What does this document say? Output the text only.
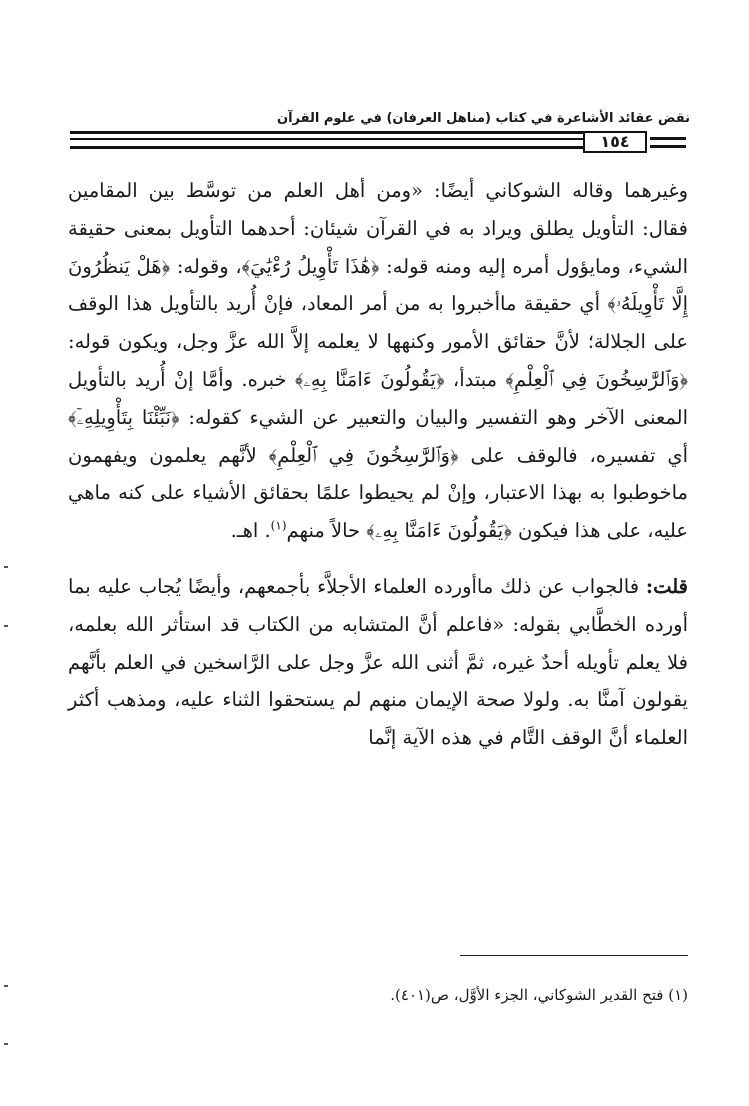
نقض عقائد الأشاعرة في كتاب (مناهل العرفان) في علوم القرآن
١٥٤

وغيرهما وقاله الشوكاني أيضًا: «ومن أهل العلم من توسَّط بين المقامين فقال: التأويل يطلق ويراد به في القرآن شيئان: أحدهما التأويل بمعنى حقيقة الشيء، ومايؤول أمره إليه ومنه قوله: ﴿هَٰذَا تَأْوِيلُ رُءْيَٰيَ﴾، وقوله: ﴿هَلْ يَنظُرُونَ إِلَّا تَأْوِيلَهُۥ﴾ أي حقيقة ماأخبروا به من أمر المعاد، فإنْ أُريد بالتأويل هذا الوقف على الجلالة؛ لأنَّ حقائق الأمور وكنهها لا يعلمه إلاَّ الله عزَّ وجل، ويكون قوله: ﴿وَٱلرَّٰسِخُونَ فِي ٱلْعِلْمِ﴾ مبتدأ، ﴿يَقُولُونَ ءَامَنَّا بِهِۦ﴾ خبره. وأمَّا إنْ أُريد بالتأويل المعنى الآخر وهو التفسير والبيان والتعبير عن الشيء كقوله: ﴿نَبِّئْنَا بِتَأْوِيلِهِۦٓ﴾ أي تفسيره، فالوقف على ﴿وَٱلرَّٰسِخُونَ فِي ٱلْعِلْمِ﴾ لأنَّهم يعلمون ويفهمون ماخوطبوا به بهذا الاعتبار، وإنْ لم يحيطوا علمًا بحقائق الأشياء على كنه ماهي عليه، على هذا فيكون ﴿يَقُولُونَ ءَامَنَّا بِهِۦ﴾ حالاً منهم$^{(١)}$. اهـ.

قلت: فالجواب عن ذلك ماأورده العلماء الأجلاَّء بأجمعهم، وأيضًا يُجاب عليه بما أورده الخطَّابي بقوله: «فاعلم أنَّ المتشابه من الكتاب قد استأثر الله بعلمه، فلا يعلم تأويله أحدٌ غيره، ثمَّ أثنى الله عزَّ وجل على الرَّاسخين في العلم بأنَّهم يقولون آمنَّا به. ولولا صحة الإيمان منهم لم يستحقوا الثناء عليه، ومذهب أكثر العلماء أنَّ الوقف التَّام في هذه الآية إنَّما

(١) فتح القدير الشوكاني، الجزء الأوَّل، ص(٤٠١).
